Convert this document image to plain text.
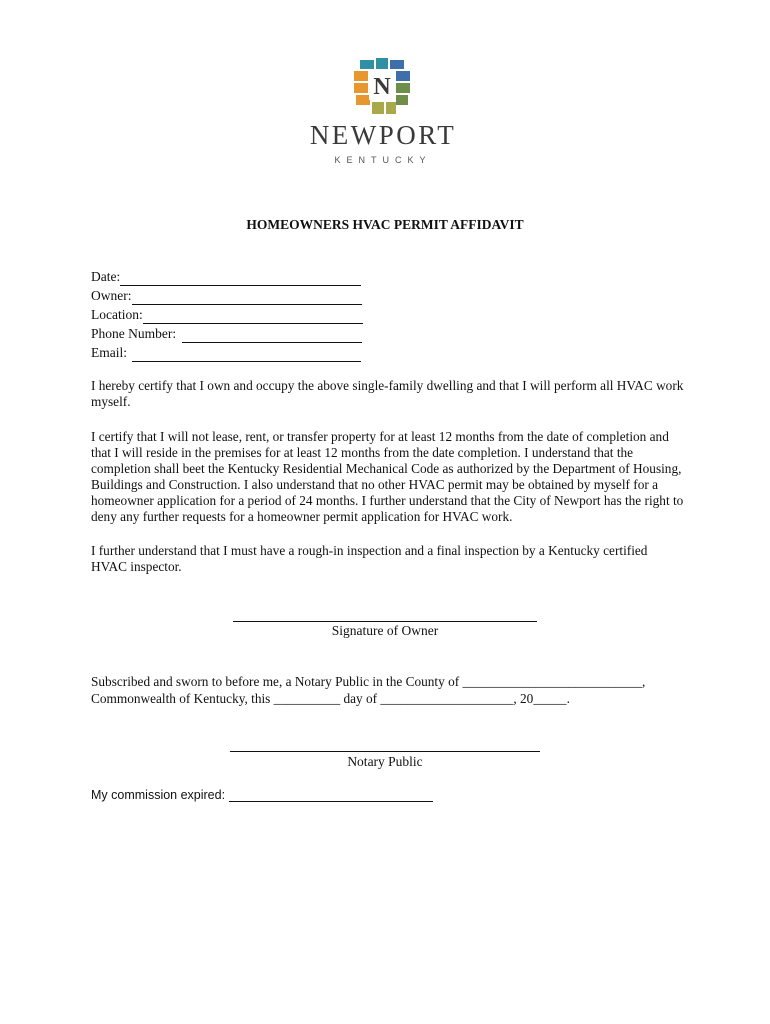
N
NEWPORT
KENTUCKY
HOMEOWNERS HVAC PERMIT AFFIDAVIT
Date:
Owner:
Location:
Phone Number:
Email:
I hereby certify that I own and occupy the above single-family dwelling and that I will perform all HVAC work myself.
I certify that I will not lease, rent, or transfer property for at least 12 months from the date of completion and that I will reside in the premises for at least 12 months from the date completion. I understand that the completion shall beet the Kentucky Residential Mechanical Code as authorized by the Department of Housing, Buildings and Construction. I also understand that no other HVAC permit may be obtained by myself for a homeowner application for a period of 24 months. I further understand that the City of Newport has the right to deny any further requests for a homeowner permit application for HVAC work.
I further understand that I must have a rough-in inspection and a final inspection by a Kentucky certified HVAC inspector.
Signature of Owner
Subscribed and sworn to before me, a Notary Public in the County of ___________________________,
Commonwealth of Kentucky, this __________ day of ____________________, 20_____.
Notary Public
My commission expired:
